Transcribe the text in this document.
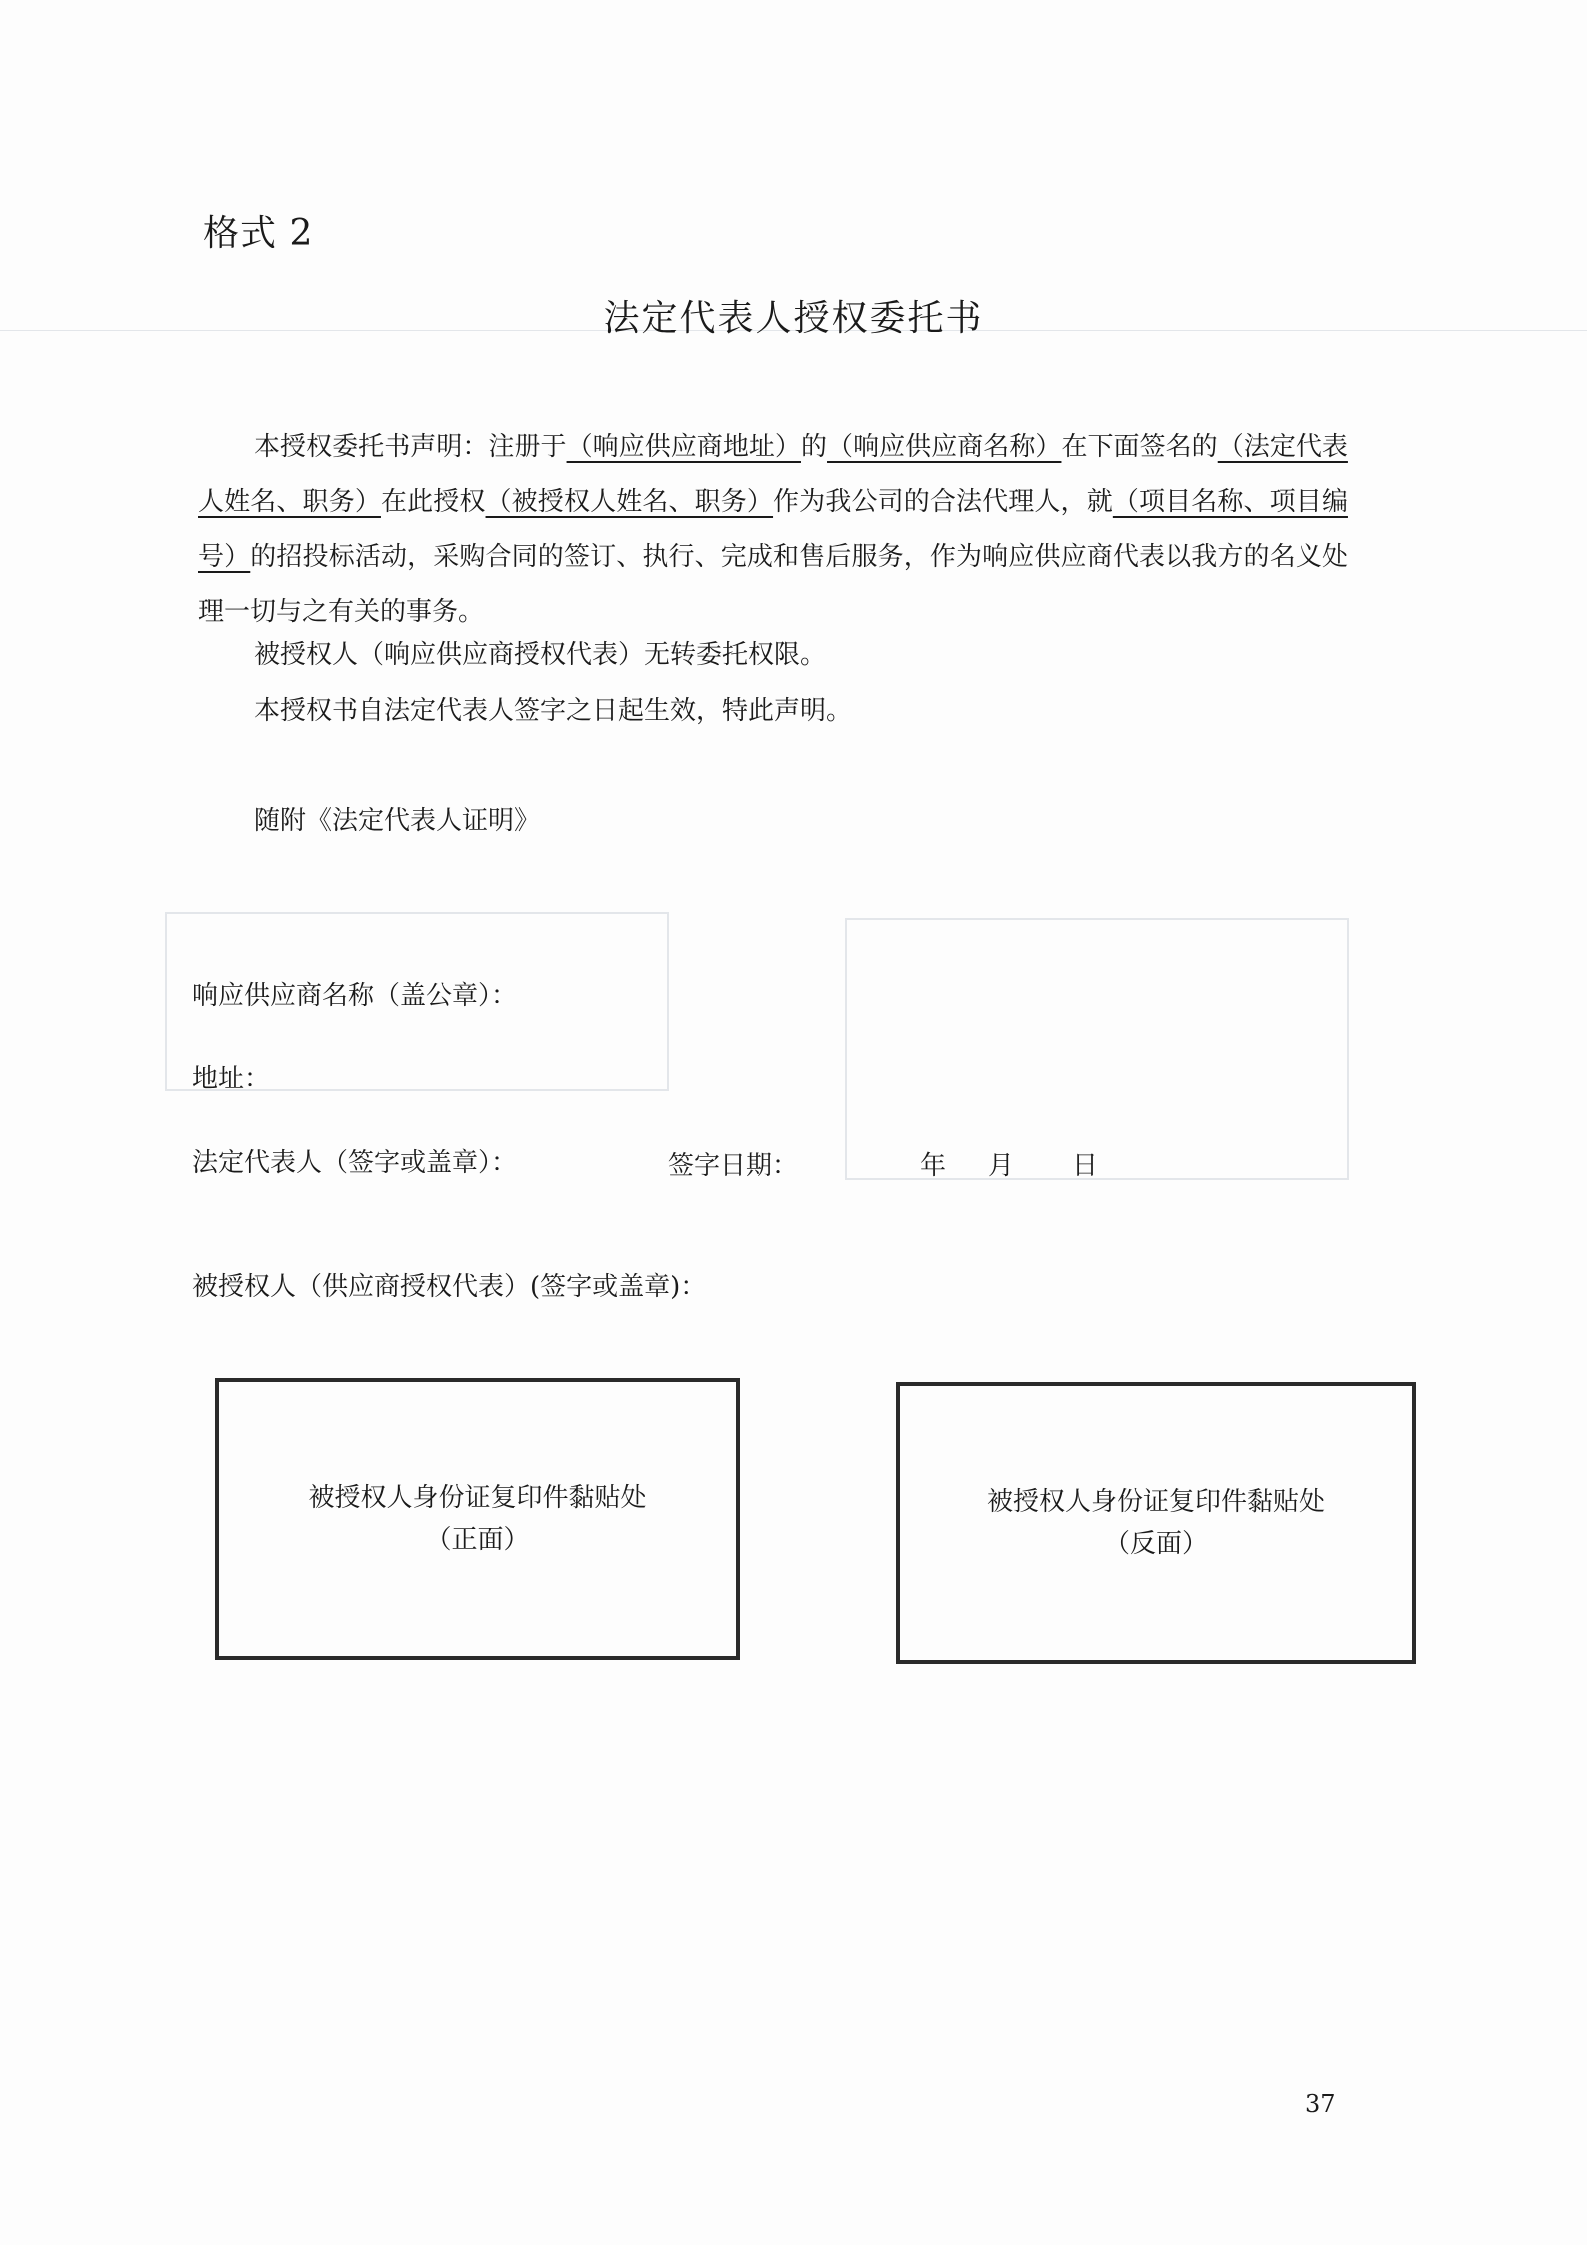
格式 2
法定代表人授权委托书
本授权委托书声明：注册于（响应供应商地址）的（响应供应商名称）在下面签名的（法定代表人姓名、职务）在此授权（被授权人姓名、职务）作为我公司的合法代理人，就（项目名称、项目编号）的招投标活动，采购合同的签订、执行、完成和售后服务，作为响应供应商代表以我方的名义处理一切与之有关的事务。
被授权人（响应供应商授权代表）无转委托权限。
本授权书自法定代表人签字之日起生效，特此声明。
随附《法定代表人证明》
响应供应商名称（盖公章）：
地址：
法定代表人（签字或盖章）：	签字日期：	年 月 日
被授权人（供应商授权代表）(签字或盖章)：
被授权人身份证复印件黏贴处
（正面）
被授权人身份证复印件黏贴处
（反面）
37
